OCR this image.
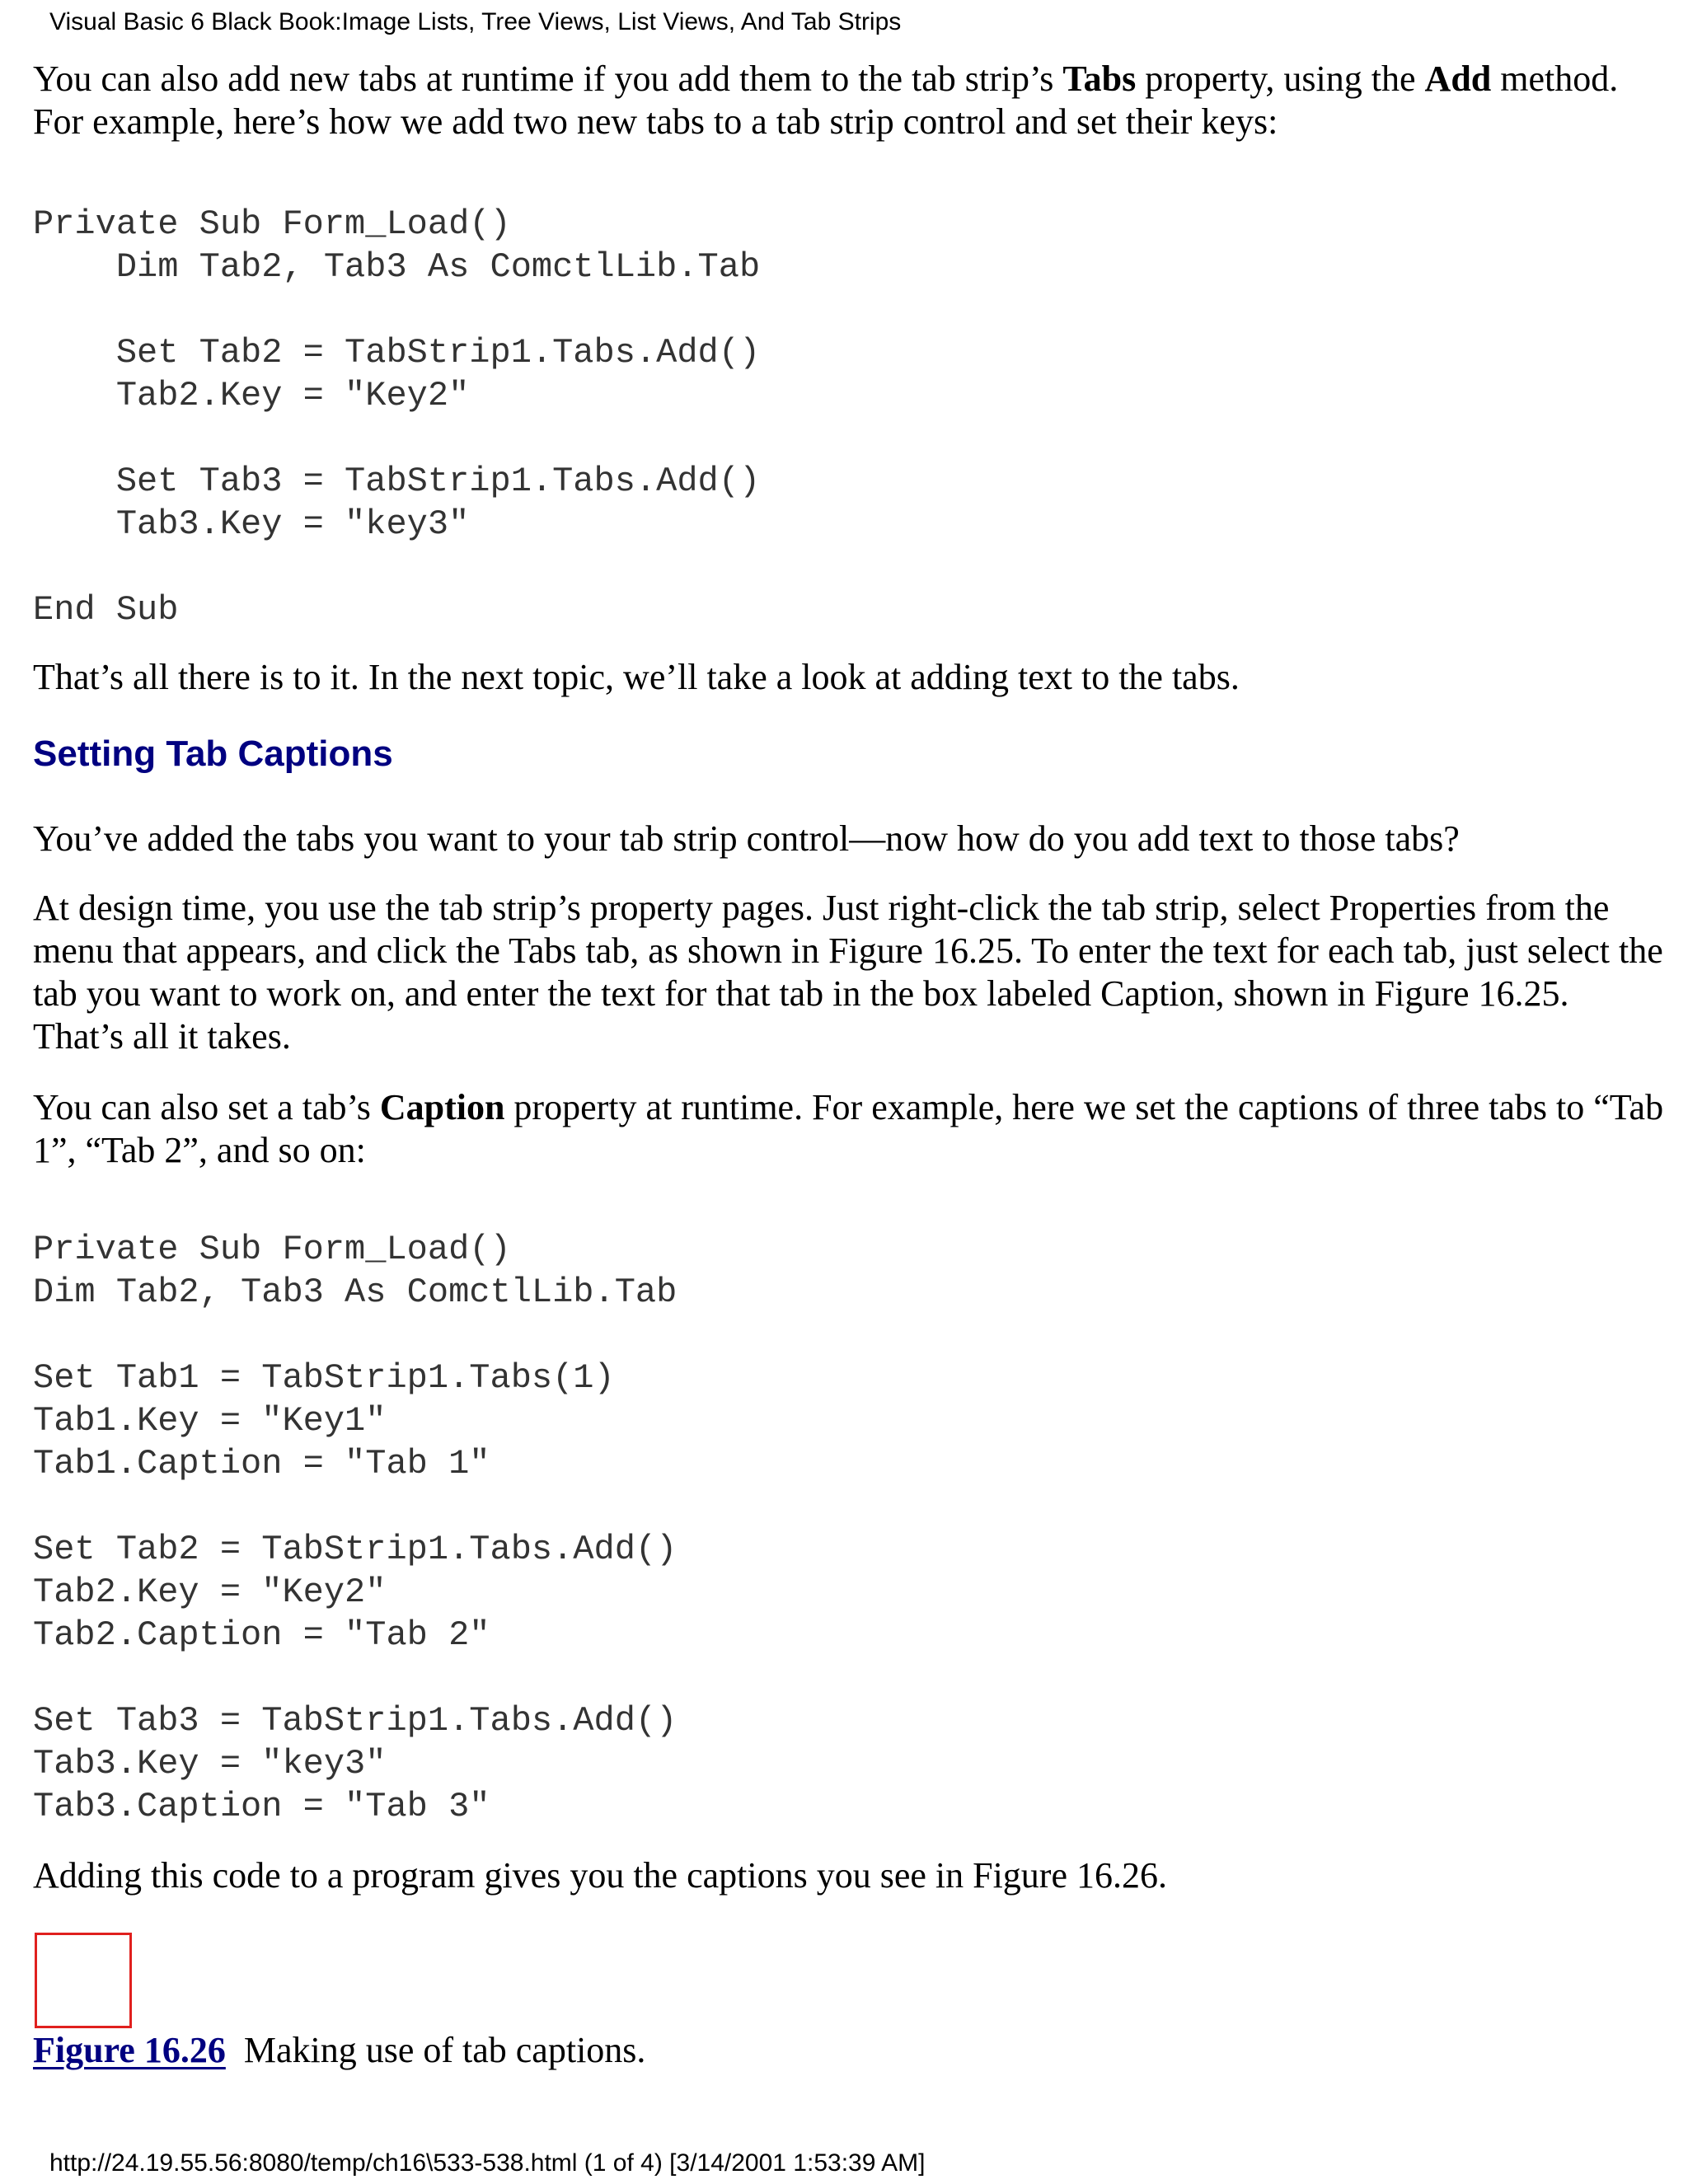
Visual Basic 6 Black Book:Image Lists, Tree Views, List Views, And Tab Strips

You can also add new tabs at runtime if you add them to the tab strip’s Tabs property, using the Add method. For example, here’s how we add two new tabs to a tab strip control and set their keys:

Private Sub Form_Load()
Dim Tab2, Tab3 As ComctlLib.Tab

Set Tab2 = TabStrip1.Tabs.Add()
Tab2.Key = "Key2"

Set Tab3 = TabStrip1.Tabs.Add()
Tab3.Key = "key3"

End Sub

That’s all there is to it. In the next topic, we’ll take a look at adding text to the tabs.

Setting Tab Captions

You’ve added the tabs you want to your tab strip control—now how do you add text to those tabs?

At design time, you use the tab strip’s property pages. Just right-click the tab strip, select Properties from the menu that appears, and click the Tabs tab, as shown in Figure 16.25. To enter the text for each tab, just select the tab you want to work on, and enter the text for that tab in the box labeled Caption, shown in Figure 16.25. That’s all it takes.

You can also set a tab’s Caption property at runtime. For example, here we set the captions of three tabs to “Tab 1”, “Tab 2”, and so on:

Private Sub Form_Load()
Dim Tab2, Tab3 As ComctlLib.Tab

Set Tab1 = TabStrip1.Tabs(1)
Tab1.Key = "Key1"
Tab1.Caption = "Tab 1"

Set Tab2 = TabStrip1.Tabs.Add()
Tab2.Key = "Key2"
Tab2.Caption = "Tab 2"

Set Tab3 = TabStrip1.Tabs.Add()
Tab3.Key = "key3"
Tab3.Caption = "Tab 3"

Adding this code to a program gives you the captions you see in Figure 16.26.

Figure 16.26  Making use of tab captions.
http://24.19.55.56:8080/temp/ch16\533-538.html (1 of 4) [3/14/2001 1:53:39 AM]
